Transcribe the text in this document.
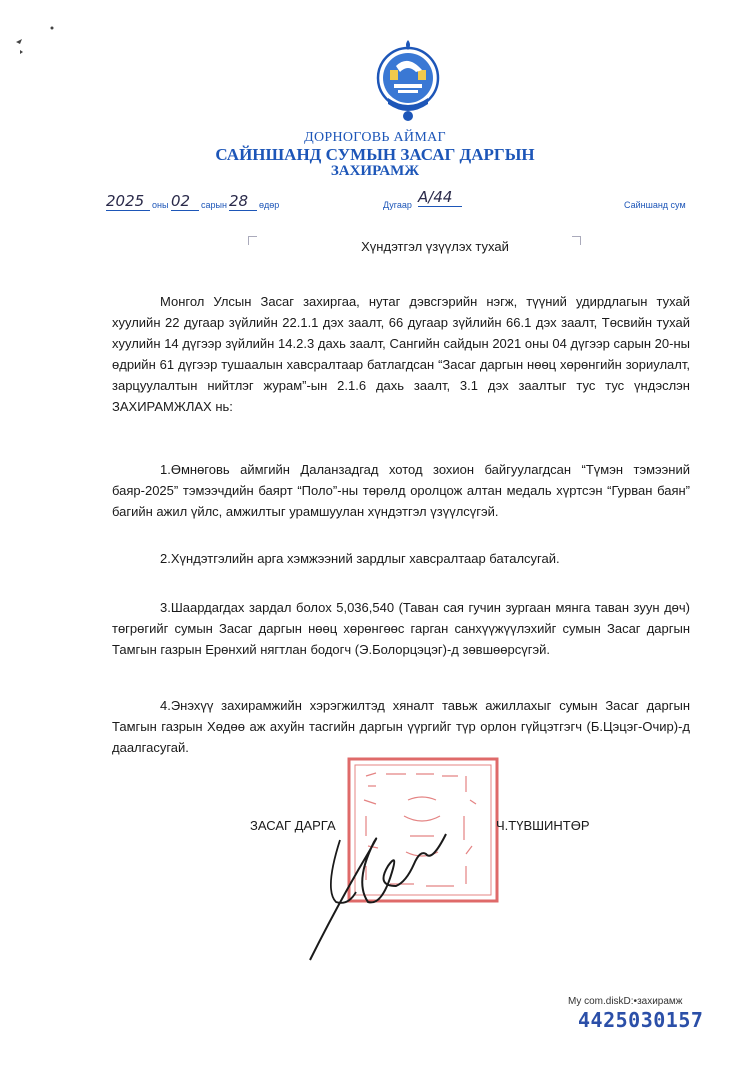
ДОРНОГОВЬ АЙМАГ
САЙНШАНД СУМЫН ЗАСАГ ДАРГЫН
ЗАХИРАМЖ
2025 оны 02	сарын 28	өдөр	Дугаар А/44	Сайншанд сум
Хүндэтгэл үзүүлэх тухай

Монгол Улсын Засаг захиргаа, нутаг дэвсгэрийн нэгж, түүний удирдлагын тухай хуулийн 22 дугаар зүйлийн 22.1.1 дэх заалт, 66 дугаар зүйлийн 66.1 дэх заалт, Төсвийн тухай хуулийн 14 дүгээр зүйлийн 14.2.3 дахь заалт, Сангийн сайдын 2021 оны 04 дүгээр сарын 20-ны өдрийн 61 дүгээр тушаалын хавсралтаар батлагдсан “Засаг даргын нөөц хөрөнгийн зориулалт, зарцуулалтын нийтлэг журам”-ын 2.1.6 дахь заалт, 3.1 дэх заалтыг тус тус үндэслэн ЗАХИРАМЖЛАХ нь:

1.Өмнөговь аймгийн Даланзадгад хотод зохион байгуулагдсан “Түмэн тэмээний баяр-2025” тэмээчдийн баярт “Поло”-ны төрөлд оролцож алтан медаль хүртсэн “Гурван баян” багийн ажил үйлс, амжилтыг урамшуулан хүндэтгэл үзүүлсүгэй.

2.Хүндэтгэлийн арга хэмжээний зардлыг хавсралтаар баталсугай.

3.Шаардагдах зардал болох 5,036,540 (Таван сая гучин зургаан мянга таван зуун дөч) төгрөгийг сумын Засаг даргын нөөц хөрөнгөөс гарган санхүүжүүлэхийг сумын Засаг даргын Тамгын газрын Ерөнхий нягтлан бодогч (Э.Болорцэцэг)-д зөвшөөрсүгэй.

4.Энэхүү захирамжийн хэрэгжилтэд хяналт тавьж ажиллахыг сумын Засаг даргын Тамгын газрын Хөдөө аж ахуйн тасгийн даргын үүргийг түр орлон гүйцэтгэгч (Б.Цэцэг-Очир)-д даалгасугай.

ЗАСАГ ДАРГА	Ч.ТҮВШИНТӨР
My com.diskD:•захирамж
4425030157
